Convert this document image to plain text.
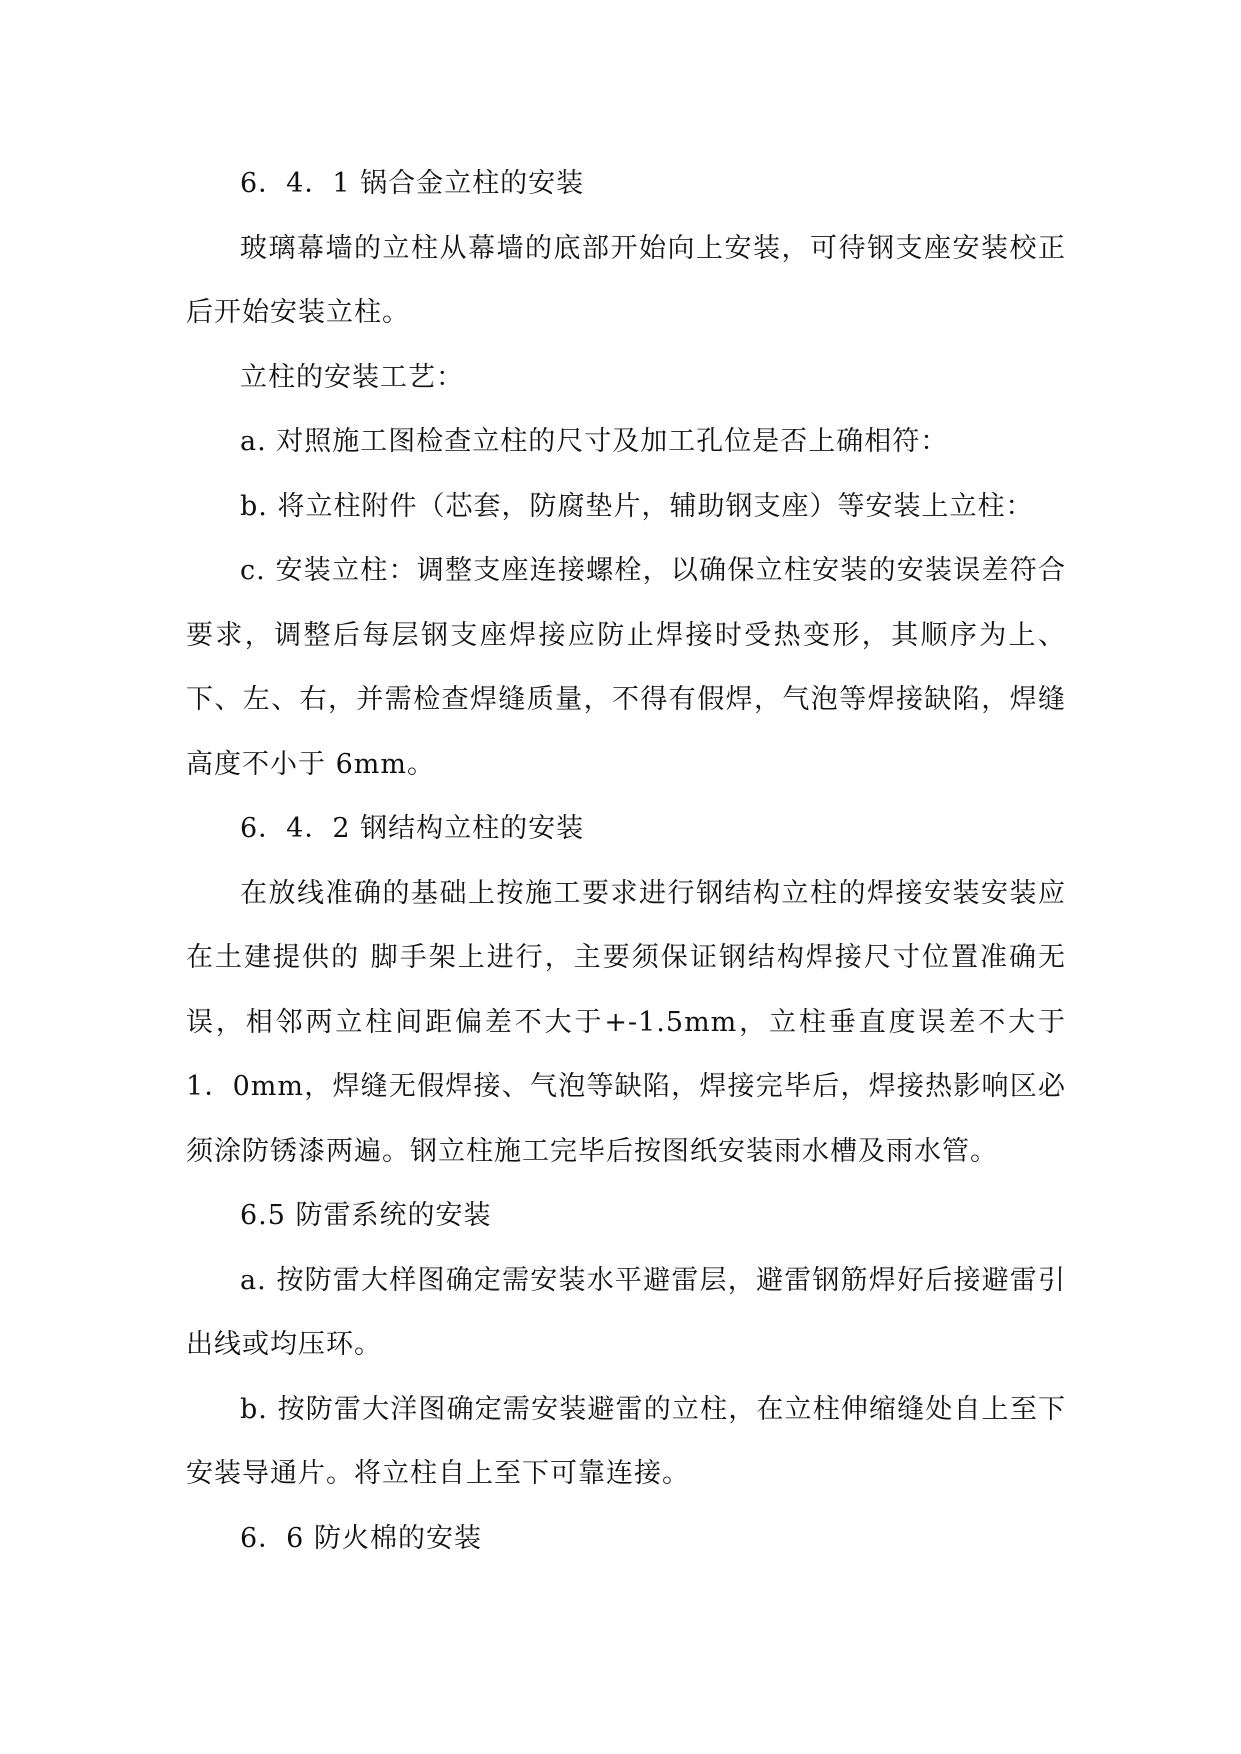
6．4．1 锅合金立柱的安装

玻璃幕墙的立柱从幕墙的底部开始向上安装，可待钢支座安装校正后开始安装立柱。

立柱的安装工艺：

a. 对照施工图检查立柱的尺寸及加工孔位是否上确相符：

b. 将立柱附件（芯套，防腐垫片，辅助钢支座）等安装上立柱：

c. 安装立柱：调整支座连接螺栓，以确保立柱安装的安装误差符合要求，调整后每层钢支座焊接应防止焊接时受热变形，其顺序为上、下、左、右，并需检查焊缝质量，不得有假焊，气泡等焊接缺陷，焊缝高度不小于 6mm。

6．4．2 钢结构立柱的安装

在放线准确的基础上按施工要求进行钢结构立柱的焊接安装安装应在土建提供的 脚手架上进行，主要须保证钢结构焊接尺寸位置准确无误，相邻两立柱间距偏差不大于+-1.5mm，立柱垂直度误差不大于 1．0mm，焊缝无假焊接、气泡等缺陷，焊接完毕后，焊接热影响区必须涂防锈漆两遍。钢立柱施工完毕后按图纸安装雨水槽及雨水管。

6.5 防雷系统的安装

a. 按防雷大样图确定需安装水平避雷层，避雷钢筋焊好后接避雷引出线或均压环。

b. 按防雷大洋图确定需安装避雷的立柱，在立柱伸缩缝处自上至下安装导通片。将立柱自上至下可靠连接。

6．6 防火棉的安装
